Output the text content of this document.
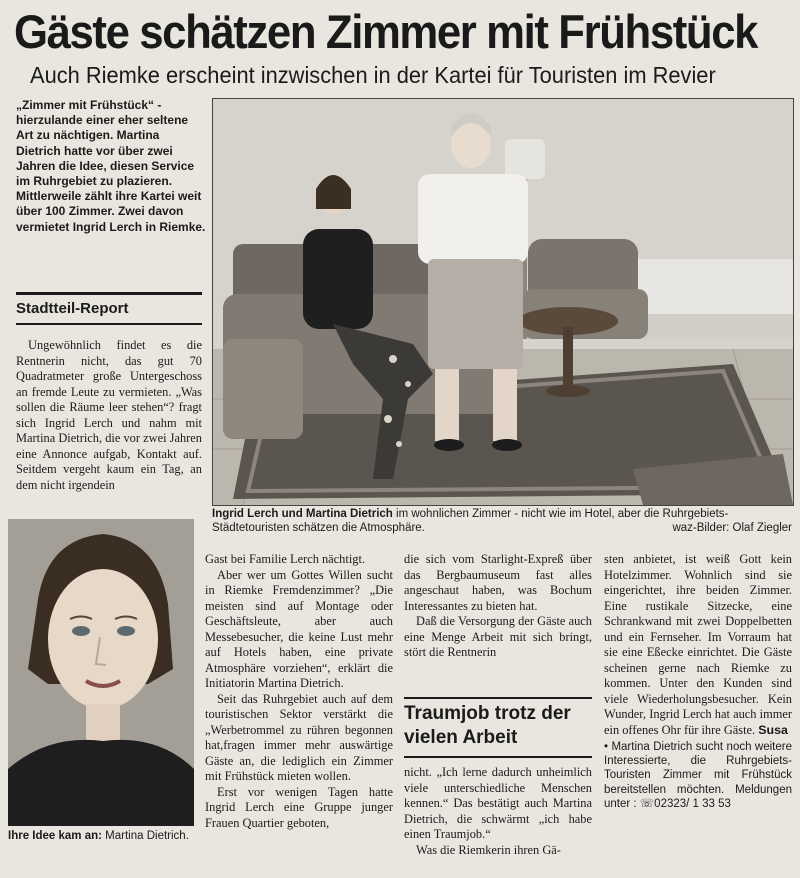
Gäste schätzen Zimmer mit Frühstück
Auch Riemke erscheint inzwischen in der Kartei für Touristen im Revier
„Zimmer mit Frühstück“ - hierzulande einer eher seltene Art zu nächtigen. Martina Dietrich hatte vor über zwei Jahren die Idee, diesen Service im Ruhrgebiet zu plazieren. Mittlerweile zählt ihre Kartei weit über 100 Zimmer. Zwei davon vermietet Ingrid Lerch in Riemke.
Stadtteil-Report

Ungewöhnlich findet es die Rentnerin nicht, das gut 70 Quadratmeter große Untergeschoss an fremde Leute zu vermieten. „Was sollen die Räume leer stehen“? fragt sich Ingrid Lerch und nahm mit Martina Dietrich, die vor zwei Jahren eine Annonce aufgab, Kontakt auf. Seitdem vergeht kaum ein Tag, an dem nicht irgendein

Ingrid Lerch und Martina Dietrich im wohnlichen Zimmer - nicht wie im Hotel, aber die Ruhrgebiets-Städtetouristen schätzen die Atmosphäre.	waz-Bilder: Olaf Ziegler
Ihre Idee kam an: Martina Dietrich.

Gast bei Familie Lerch nächtigt.

Aber wer um Gottes Willen sucht in Riemke Fremdenzimmer? „Die meisten sind auf Montage oder Geschäftsleute, aber auch Messebesucher, die keine Lust mehr auf Hotels haben, eine private Atmosphäre vorziehen“, erklärt die Initiatorin Martina Dietrich.

Seit das Ruhrgebiet auch auf dem touristischen Sektor verstärkt die „Werbetrommel zu rühren begonnen hat,fragen immer mehr auswärtige Gäste an, die lediglich ein Zimmer mit Frühstück mieten wollen.

Erst vor wenigen Tagen hatte Ingrid Lerch eine Gruppe junger Frauen Quartier geboten,

die sich vom Starlight-Expreß über das Bergbaumuseum fast alles angeschaut haben, was Bochum Interessantes zu bieten hat.

Daß die Versorgung der Gäste auch eine Menge Arbeit mit sich bringt, stört die Rentnerin

Traumjob trotz der vielen Arbeit

nicht. „Ich lerne dadurch unheimlich viele unterschiedliche Menschen kennen.“ Das bestätigt auch Martina Dietrich, die schwärmt „ich habe einen Traumjob.“

Was die Riemkerin ihren Gä-

sten anbietet, ist weiß Gott kein Hotelzimmer. Wohnlich sind sie eingerichtet, ihre beiden Zimmer. Eine rustikale Sitzecke, eine Schrankwand mit zwei Doppelbetten und ein Fernseher. Im Vorraum hat sie eine Eßecke einrichtet. Die Gäste scheinen gerne nach Riemke zu kommen. Unter den Kunden sind viele Wiederholungsbesucher. Kein Wunder, Ingrid Lerch hat auch immer ein offenes Ohr für ihre Gäste. Susa

• Martina Dietrich sucht noch weitere Interessierte, die Ruhrgebiets-Touristen Zimmer mit Frühstück bereitstellen möchten. Meldungen unter : ☏02323/ 1 33 53
